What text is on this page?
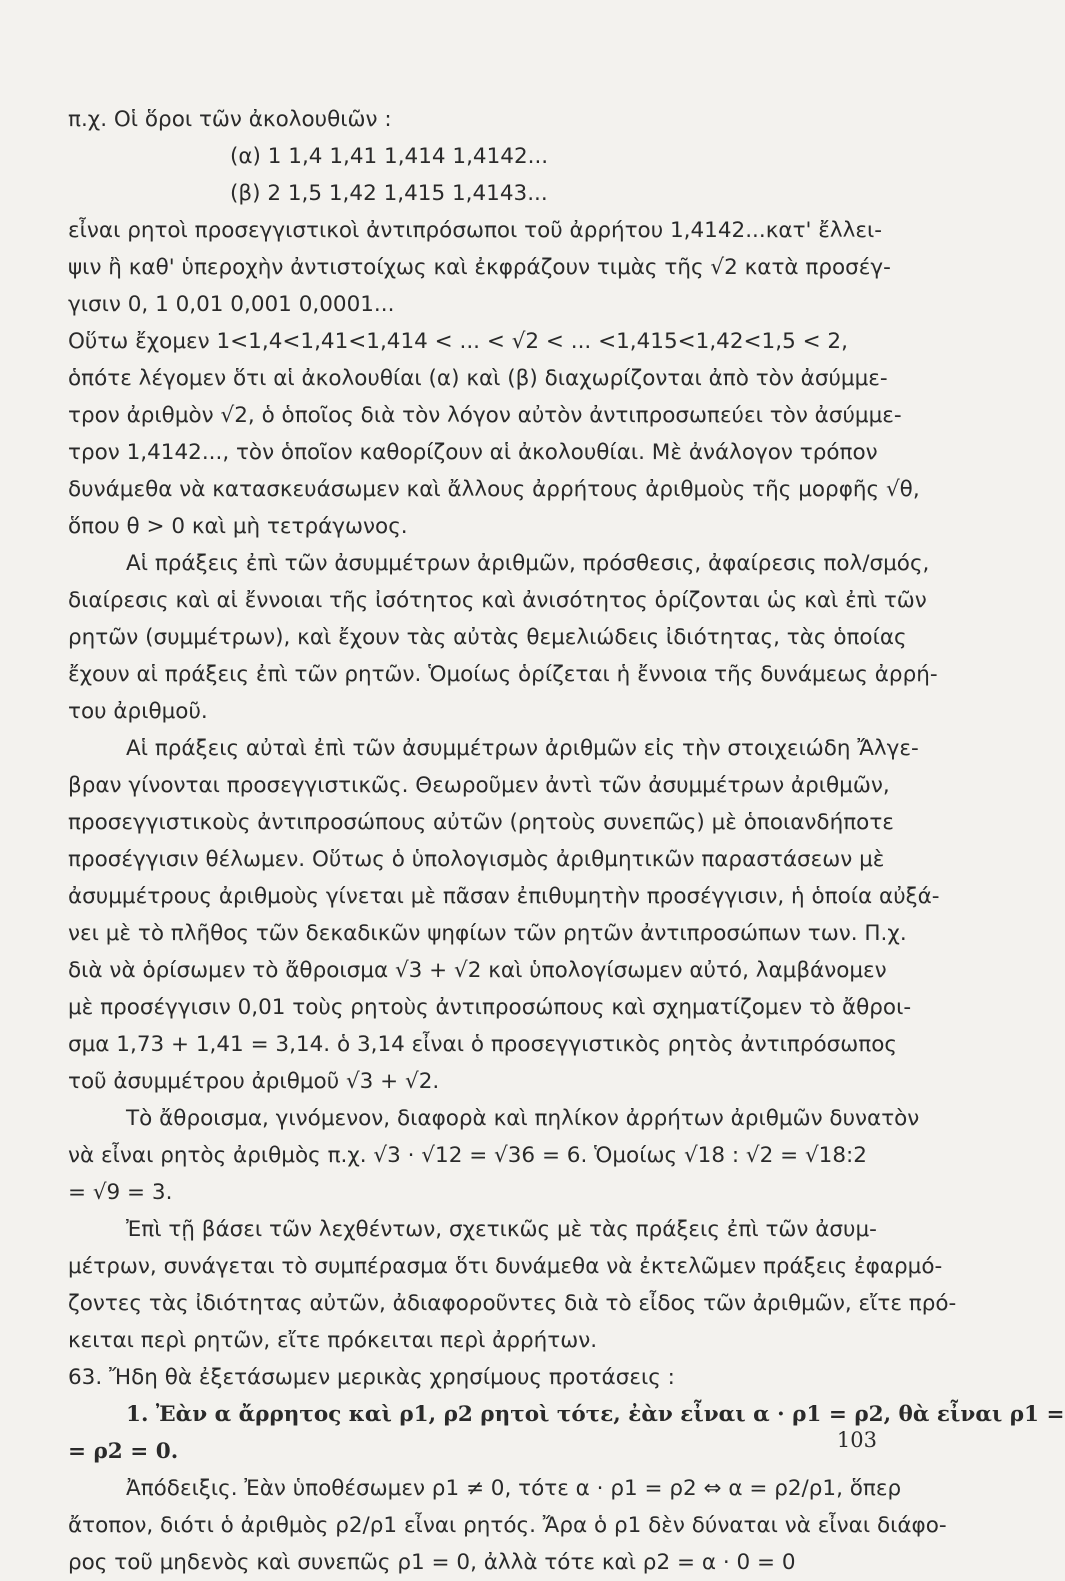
π.χ. Οἱ ὅροι τῶν ἀκολουθιῶν :
(α) 1 1,4 1,41 1,414 1,4142...
(β) 2 1,5 1,42 1,415 1,4143...
εἶναι ρητοὶ προσεγγιστικοὶ ἀντιπρόσωποι τοῦ ἀρρήτου 1,4142...κατ' ἔλλει-
ψιν ἢ καθ' ὑπεροχὴν ἀντιστοίχως καὶ ἐκφράζουν τιμὰς τῆς √2 κατὰ προσέγ-
γισιν 0, 1 0,01 0,001 0,0001...
Οὕτω ἔχομεν 1<1,4<1,41<1,414 < ... < √2 < ... <1,415<1,42<1,5 < 2,
ὁπότε λέγομεν ὅτι αἱ ἀκολουθίαι (α) καὶ (β) διαχωρίζονται ἀπὸ τὸν ἀσύμμε-
τρον ἀριθμὸν √2, ὁ ὁποῖος διὰ τὸν λόγον αὐτὸν ἀντιπροσωπεύει τὸν ἀσύμμε-
τρον 1,4142..., τὸν ὁποῖον καθορίζουν αἱ ἀκολουθίαι. Μὲ ἀνάλογον τρόπον
δυνάμεθα νὰ κατασκευάσωμεν καὶ ἄλλους ἀρρήτους ἀριθμοὺς τῆς μορφῆς √θ,
ὅπου θ > 0 καὶ μὴ τετράγωνος.
Αἱ πράξεις ἐπὶ τῶν ἀσυμμέτρων ἀριθμῶν, πρόσθεσις, ἀφαίρεσις πολ/σμός,
διαίρεσις καὶ αἱ ἔννοιαι τῆς ἰσότητος καὶ ἀνισότητος ὁρίζονται ὡς καὶ ἐπὶ τῶν
ρητῶν (συμμέτρων), καὶ ἔχουν τὰς αὐτὰς θεμελιώδεις ἰδιότητας, τὰς ὁποίας
ἔχουν αἱ πράξεις ἐπὶ τῶν ρητῶν. Ὁμοίως ὁρίζεται ἡ ἔννοια τῆς δυνάμεως ἀρρή-
του ἀριθμοῦ.
Αἱ πράξεις αὐταὶ ἐπὶ τῶν ἀσυμμέτρων ἀριθμῶν εἰς τὴν στοιχειώδη Ἄλγε-
βραν γίνονται προσεγγιστικῶς. Θεωροῦμεν ἀντὶ τῶν ἀσυμμέτρων ἀριθμῶν,
προσεγγιστικοὺς ἀντιπροσώπους αὐτῶν (ρητοὺς συνεπῶς) μὲ ὁποιανδήποτε
προσέγγισιν θέλωμεν. Οὕτως ὁ ὑπολογισμὸς ἀριθμητικῶν παραστάσεων μὲ
ἀσυμμέτρους ἀριθμοὺς γίνεται μὲ πᾶσαν ἐπιθυμητὴν προσέγγισιν, ἡ ὁποία αὐξά-
νει μὲ τὸ πλῆθος τῶν δεκαδικῶν ψηφίων τῶν ρητῶν ἀντιπροσώπων των. Π.χ.
διὰ νὰ ὁρίσωμεν τὸ ἄθροισμα √3 + √2 καὶ ὑπολογίσωμεν αὐτό, λαμβάνομεν
μὲ προσέγγισιν 0,01 τοὺς ρητοὺς ἀντιπροσώπους καὶ σχηματίζομεν τὸ ἄθροι-
σμα 1,73 + 1,41 = 3,14. ὁ 3,14 εἶναι ὁ προσεγγιστικὸς ρητὸς ἀντιπρόσωπος
τοῦ ἀσυμμέτρου ἀριθμοῦ √3 + √2.
Τὸ ἄθροισμα, γινόμενον, διαφορὰ καὶ πηλίκον ἀρρήτων ἀριθμῶν δυνατὸν
νὰ εἶναι ρητὸς ἀριθμὸς π.χ. √3 · √12 = √36 = 6. Ὁμοίως √18 : √2 = √18:2
= √9 = 3.
Ἐπὶ τῇ βάσει τῶν λεχθέντων, σχετικῶς μὲ τὰς πράξεις ἐπὶ τῶν ἀσυμ-
μέτρων, συνάγεται τὸ συμπέρασμα ὅτι δυνάμεθα νὰ ἐκτελῶμεν πράξεις ἐφαρμό-
ζοντες τὰς ἰδιότητας αὐτῶν, ἀδιαφοροῦντες διὰ τὸ εἶδος τῶν ἀριθμῶν, εἴτε πρό-
κειται περὶ ρητῶν, εἴτε πρόκειται περὶ ἀρρήτων.
63. Ἤδη θὰ ἐξετάσωμεν μερικὰς χρησίμους προτάσεις :
1. Ἐὰν α ἄρρητος καὶ ρ1, ρ2 ρητοὶ τότε, ἐὰν εἶναι α · ρ1 = ρ2, θὰ εἶναι ρ1 =
= ρ2 = 0.
Ἀπόδειξις. Ἐὰν ὑποθέσωμεν ρ1 ≠ 0, τότε α · ρ1 = ρ2 ⇔ α = ρ2/ρ1, ὅπερ
ἄτοπον, διότι ὁ ἀριθμὸς ρ2/ρ1 εἶναι ρητός. Ἄρα ὁ ρ1 δὲν δύναται νὰ εἶναι διάφο-
ρος τοῦ μηδενὸς καὶ συνεπῶς ρ1 = 0, ἀλλὰ τότε καὶ ρ2 = α · 0 = 0
103
